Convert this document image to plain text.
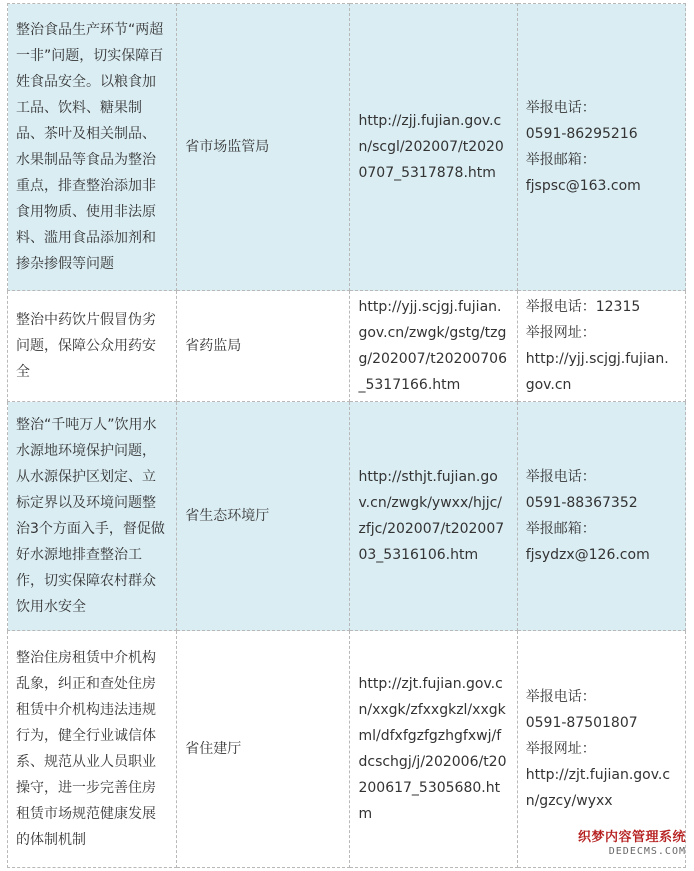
整治食品生产环节“两超一非”问题，切实保障百姓食品安全。以粮食加工品、饮料、糖果制品、茶叶及相关制品、水果制品等食品为整治重点，排查整治添加非食用物质、使用非法原料、滥用食品添加剂和掺杂掺假等问题	省市场监管局	http://zjj.fujian.gov.cn/scgl/202007/t20200707_5317878.htm	举报电话：
0591-86295216
举报邮箱：
fjspsc@163.com

整治中药饮片假冒伪劣问题，保障公众用药安全	省药监局	http://yjj.scjgj.fujian.gov.cn/zwgk/gstg/tzgg/202007/t20200706_5317166.htm	举报电话：12315
举报网址：
http://yjj.scjgj.fujian.gov.cn

整治“千吨万人”饮用水水源地环境保护问题，从水源保护区划定、立标定界以及环境问题整治3个方面入手，督促做好水源地排查整治工作，切实保障农村群众饮用水安全	省生态环境厅	http://sthjt.fujian.gov.cn/zwgk/ywxx/hjjc/zfjc/202007/t20200703_5316106.htm	举报电话：
0591-88367352
举报邮箱：
fjsydzx@126.com

整治住房租赁中介机构乱象，纠正和查处住房租赁中介机构违法违规行为，健全行业诚信体系、规范从业人员职业操守，进一步完善住房租赁市场规范健康发展的体制机制	省住建厅	http://zjt.fujian.gov.cn/xxgk/zfxxgkzl/xxgkml/dfxfgzfgzhgfxwj/fdcschgj/j/202006/t20200617_5305680.htm	举报电话：
0591-87501807
举报网址：
http://zjt.fujian.gov.cn/gzcy/wyxx
织梦内容管理系统
DEDECMS.COM
